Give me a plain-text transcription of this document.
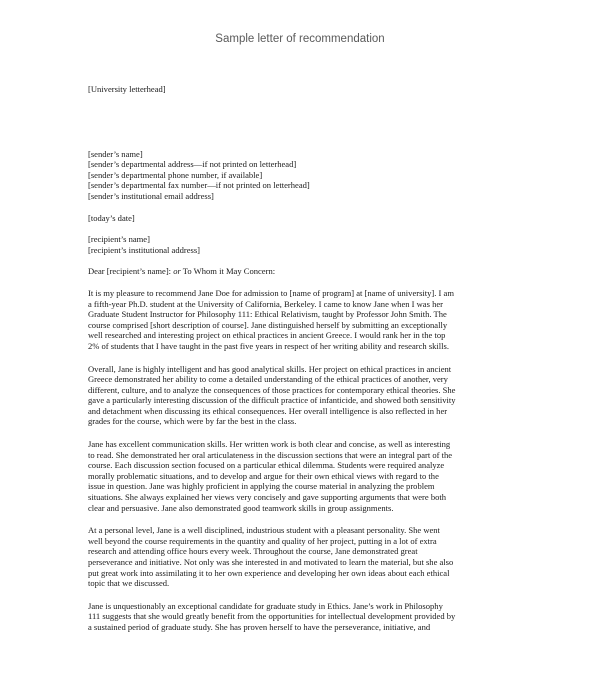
Sample letter of recommendation
[University letterhead]
[sender’s name]
[sender’s departmental address—if not printed on letterhead]
[sender’s departmental phone number, if available]
[sender’s departmental fax number—if not printed on letterhead]
[sender’s institutional email address]
[today’s date]
[recipient’s name]
[recipient’s institutional address]
Dear [recipient’s name]: or To Whom it May Concern:

It is my pleasure to recommend Jane Doe for admission to [name of program] at [name of university]. I am
a fifth-year Ph.D. student at the University of California, Berkeley. I came to know Jane when I was her
Graduate Student Instructor for Philosophy 111: Ethical Relativism, taught by Professor John Smith. The
course comprised [short description of course]. Jane distinguished herself by submitting an exceptionally
well researched and interesting project on ethical practices in ancient Greece. I would rank her in the top
2% of students that I have taught in the past five years in respect of her writing ability and research skills.

Overall, Jane is highly intelligent and has good analytical skills. Her project on ethical practices in ancient
Greece demonstrated her ability to come a detailed understanding of the ethical practices of another, very
different, culture, and to analyze the consequences of those practices for contemporary ethical theories. She
gave a particularly interesting discussion of the difficult practice of infanticide, and showed both sensitivity
and detachment when discussing its ethical consequences. Her overall intelligence is also reflected in her
grades for the course, which were by far the best in the class.

Jane has excellent communication skills. Her written work is both clear and concise, as well as interesting
to read. She demonstrated her oral articulateness in the discussion sections that were an integral part of the
course. Each discussion section focused on a particular ethical dilemma. Students were required analyze
morally problematic situations, and to develop and argue for their own ethical views with regard to the
issue in question. Jane was highly proficient in applying the course material in analyzing the problem
situations. She always explained her views very concisely and gave supporting arguments that were both
clear and persuasive. Jane also demonstrated good teamwork skills in group assignments.

At a personal level, Jane is a well disciplined, industrious student with a pleasant personality. She went
well beyond the course requirements in the quantity and quality of her project, putting in a lot of extra
research and attending office hours every week. Throughout the course, Jane demonstrated great
perseverance and initiative. Not only was she interested in and motivated to learn the material, but she also
put great work into assimilating it to her own experience and developing her own ideas about each ethical
topic that we discussed.

Jane is unquestionably an exceptional candidate for graduate study in Ethics. Jane’s work in Philosophy
111 suggests that she would greatly benefit from the opportunities for intellectual development provided by
a sustained period of graduate study. She has proven herself to have the perseverance, initiative, and
